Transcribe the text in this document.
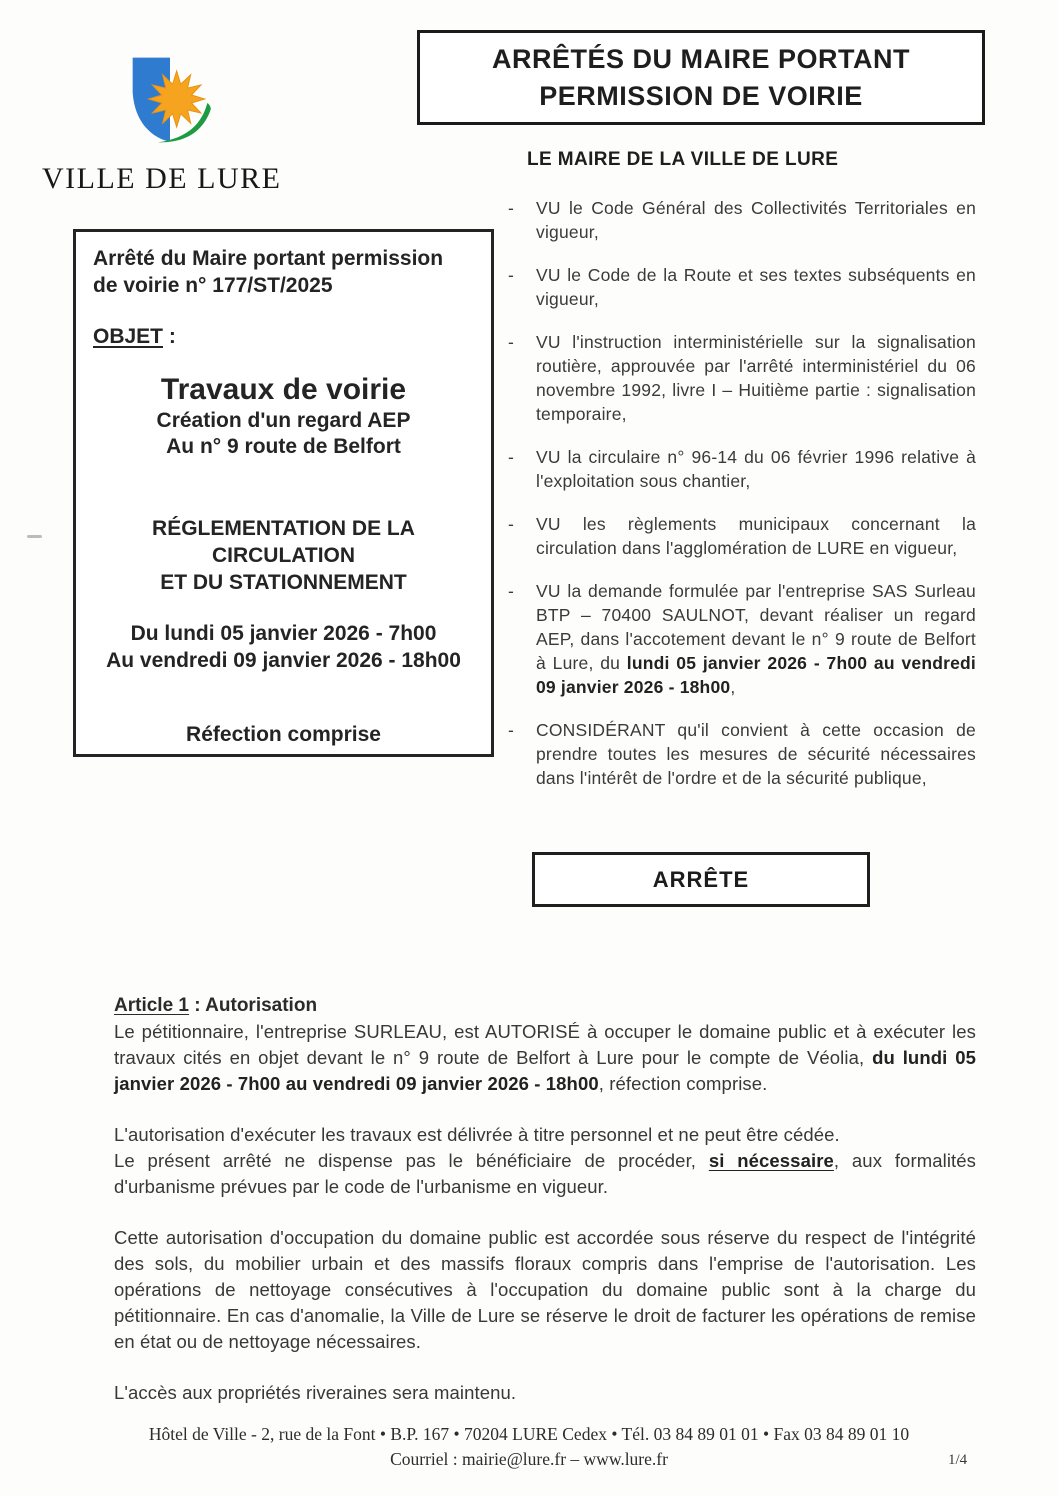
VILLE DE LURE
ARRÊTÉS DU MAIRE PORTANT
PERMISSION DE VOIRIE
Arrêté du Maire portant permission
de voirie n° 177/ST/2025
OBJET :
Travaux de voirie
Création d'un regard AEP
Au n° 9 route de Belfort
RÉGLEMENTATION DE LA
CIRCULATION
ET DU STATIONNEMENT
Du lundi 05 janvier 2026 - 7h00
Au vendredi 09 janvier 2026 - 18h00
Réfection comprise
LE MAIRE DE LA VILLE DE LURE
-	VU le Code Général des Collectivités Territoriales en vigueur,

-	VU le Code de la Route et ses textes subséquents en vigueur,

-	VU l'instruction interministérielle sur la signalisation routière, approuvée par l'arrêté interministériel du 06 novembre 1992, livre I – Huitième partie : signalisation temporaire,

-	VU la circulaire n° 96-14 du 06 février 1996 relative à l'exploitation sous chantier,

-	VU les règlements municipaux concernant la circulation dans l'agglomération de LURE en vigueur,

-	VU la demande formulée par l'entreprise SAS Surleau BTP – 70400 SAULNOT, devant réaliser un regard AEP, dans l'accotement devant le n° 9 route de Belfort à Lure, du lundi 05 janvier 2026 - 7h00 au vendredi 09 janvier 2026 - 18h00,

-	CONSIDÉRANT qu'il convient à cette occasion de prendre toutes les mesures de sécurité nécessaires dans l'intérêt de l'ordre et de la sécurité publique,

ARRÊTE
Article 1 : Autorisation

Le pétitionnaire, l'entreprise SURLEAU, est AUTORISÉ à occuper le domaine public et à exécuter les travaux cités en objet devant le n° 9 route de Belfort à Lure pour le compte de Véolia, du lundi 05 janvier 2026 - 7h00 au vendredi 09 janvier 2026 - 18h00, réfection comprise.

L'autorisation d'exécuter les travaux est délivrée à titre personnel et ne peut être cédée.

Le présent arrêté ne dispense pas le bénéficiaire de procéder, si nécessaire, aux formalités d'urbanisme prévues par le code de l'urbanisme en vigueur.

Cette autorisation d'occupation du domaine public est accordée sous réserve du respect de l'intégrité des sols, du mobilier urbain et des massifs floraux compris dans l'emprise de l'autorisation. Les opérations de nettoyage consécutives à l'occupation du domaine public sont à la charge du pétitionnaire. En cas d'anomalie, la Ville de Lure se réserve le droit de facturer les opérations de remise en état ou de nettoyage nécessaires.

L'accès aux propriétés riveraines sera maintenu.

Hôtel de Ville - 2, rue de la Font • B.P. 167 • 70204 LURE Cedex • Tél. 03 84 89 01 01 • Fax 03 84 89 01 10
Courriel : mairie@lure.fr – www.lure.fr	1/4
